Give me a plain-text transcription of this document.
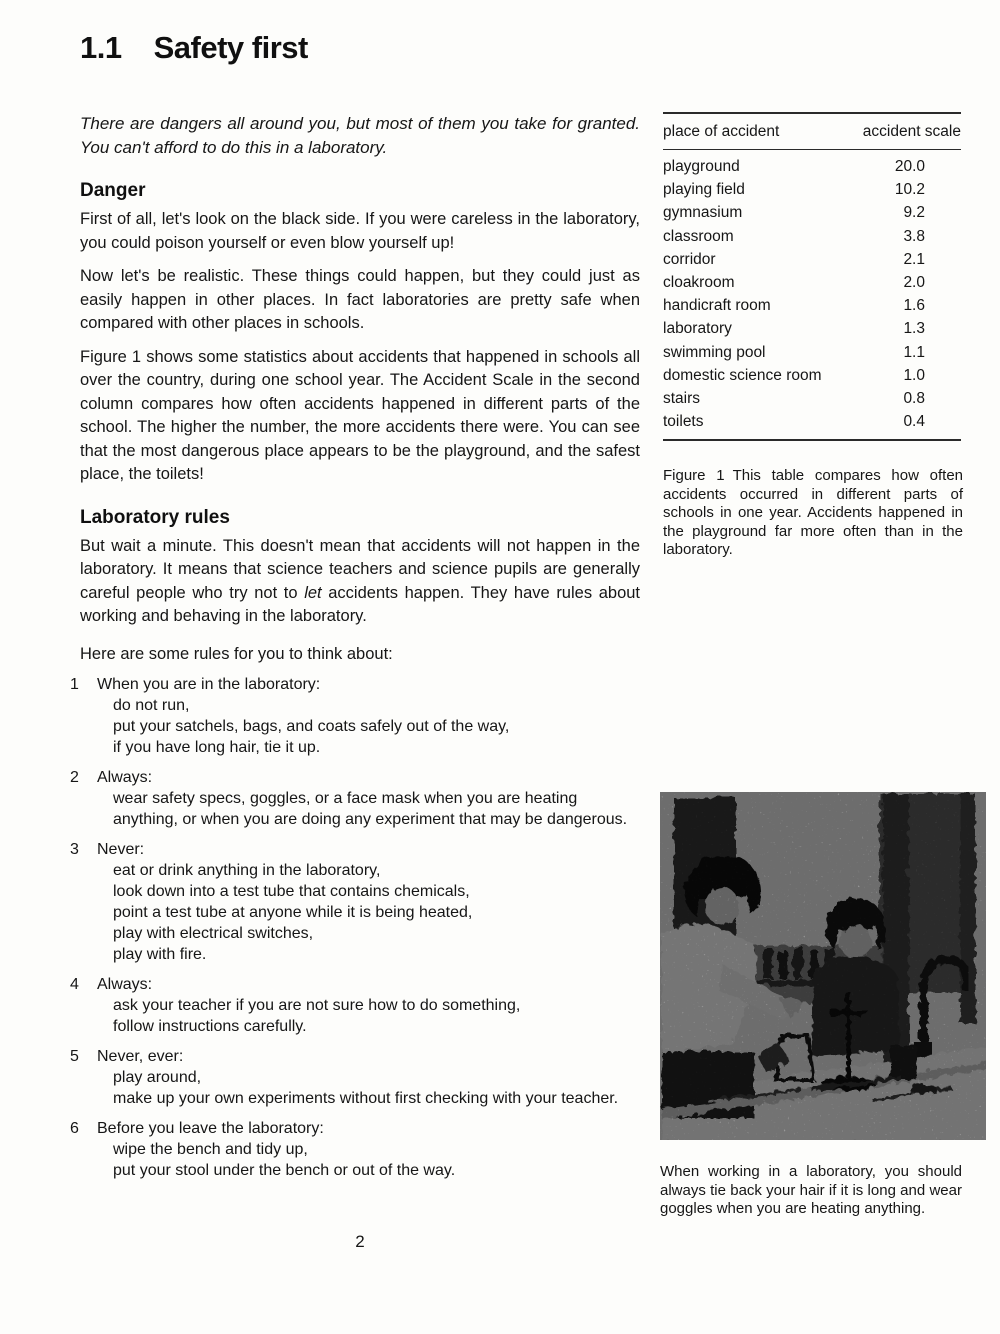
1.1 Safety first

There are dangers all around you, but most of them you take for granted. You can't afford to do this in a laboratory.

Danger

First of all, let's look on the black side. If you were careless in the laboratory, you could poison yourself or even blow yourself up!

Now let's be realistic. These things could happen, but they could just as easily happen in other places. In fact laboratories are pretty safe when compared with other places in schools.

Figure 1 shows some statistics about accidents that happened in schools all over the country, during one school year. The Accident Scale in the second column compares how often accidents happened in different parts of the school. The higher the number, the more accidents there were. You can see that the most dangerous place appears to be the playground, and the safest place, the toilets!

Laboratory rules

But wait a minute. This doesn't mean that accidents will not happen in the laboratory. It means that science teachers and science pupils are generally careful people who try not to let accidents happen. They have rules about working and behaving in the laboratory.

Here are some rules for you to think about:

1	When you are in the laboratory:
do not run,
put your satchels, bags, and coats safely out of the way,
if you have long hair, tie it up.
2	Always:
wear safety specs, goggles, or a face mask when you are heating anything, or when you are doing any experiment that may be dangerous.
3	Never:
eat or drink anything in the laboratory,
look down into a test tube that contains chemicals,
point a test tube at anyone while it is being heated,
play with electrical switches,
play with fire.
4	Always:
ask your teacher if you are not sure how to do something,
follow instructions carefully.
5	Never, ever:
play around,
make up your own experiments without first checking with your teacher.
6	Before you leave the laboratory:
wipe the bench and tidy up,
put your stool under the bench or out of the way.
place of accident	accident scale
playground	20.0
playing field	10.2
gymnasium	9.2
classroom	3.8
corridor	2.1
cloakroom	2.0
handicraft room	1.6
laboratory	1.3
swimming pool	1.1
domestic science room	1.0
stairs	0.8
toilets	0.4

Figure 1 This table compares how often accidents occurred in different parts of schools in one year. Accidents happened in the playground far more often than in the laboratory.

When working in a laboratory, you should always tie back your hair if it is long and wear goggles when you are heating anything.

2
